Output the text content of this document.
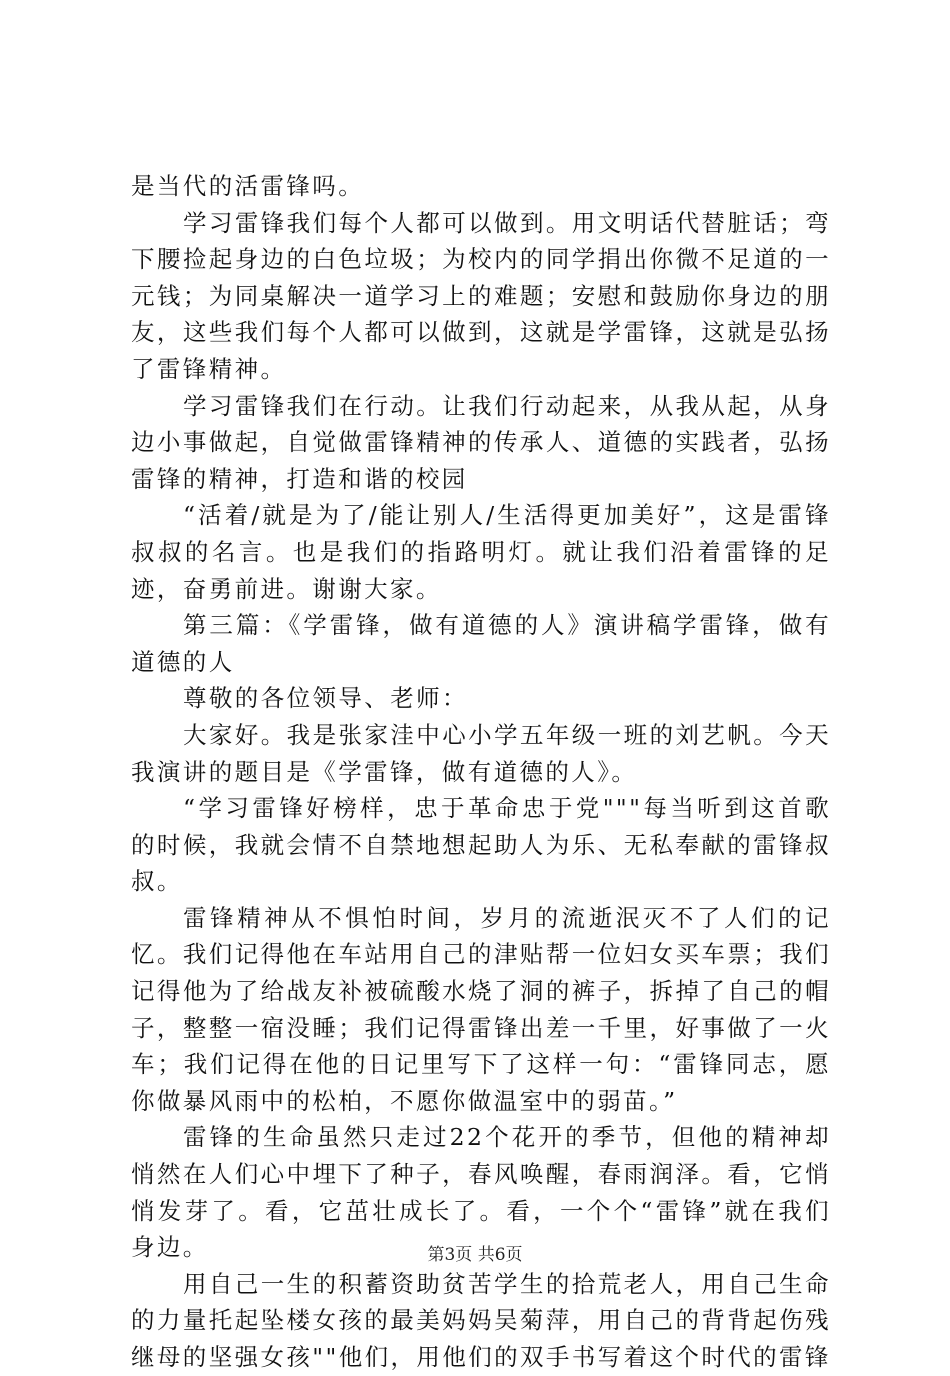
是当代的活雷锋吗。

学习雷锋我们每个人都可以做到。用文明话代替脏话；弯下腰捡起身边的白色垃圾；为校内的同学捐出你微不足道的一元钱；为同桌解决一道学习上的难题；安慰和鼓励你身边的朋友，这些我们每个人都可以做到，这就是学雷锋，这就是弘扬了雷锋精神。

学习雷锋我们在行动。让我们行动起来，从我从起，从身边小事做起，自觉做雷锋精神的传承人、道德的实践者，弘扬雷锋的精神，打造和谐的校园

“活着/就是为了/能让别人/生活得更加美好”，这是雷锋叔叔的名言。也是我们的指路明灯。就让我们沿着雷锋的足迹，奋勇前进。谢谢大家。

第三篇：《学雷锋，做有道德的人》演讲稿学雷锋，做有道德的人

尊敬的各位领导、老师：

大家好。我是张家洼中心小学五年级一班的刘艺帆。今天我演讲的题目是《学雷锋，做有道德的人》。

“学习雷锋好榜样，忠于革命忠于党"""每当听到这首歌的时候，我就会情不自禁地想起助人为乐、无私奉献的雷锋叔叔。

雷锋精神从不惧怕时间，岁月的流逝泯灭不了人们的记忆。我们记得他在车站用自己的津贴帮一位妇女买车票；我们记得他为了给战友补被硫酸水烧了洞的裤子，拆掉了自己的帽子，整整一宿没睡；我们记得雷锋出差一千里，好事做了一火车；我们记得在他的日记里写下了这样一句：“雷锋同志，愿你做暴风雨中的松柏，不愿你做温室中的弱苗。”

雷锋的生命虽然只走过22个花开的季节，但他的精神却悄然在人们心中埋下了种子，春风唤醒，春雨润泽。看，它悄悄发芽了。看，它茁壮成长了。看，一个个“雷锋”就在我们身边。

用自己一生的积蓄资助贫苦学生的拾荒老人，用自己生命的力量托起坠楼女孩的最美妈妈吴菊萍，用自己的背背起伤残继母的坚强女孩""他们，用他们的双手书写着这个时代的雷锋

第3页 共6页
